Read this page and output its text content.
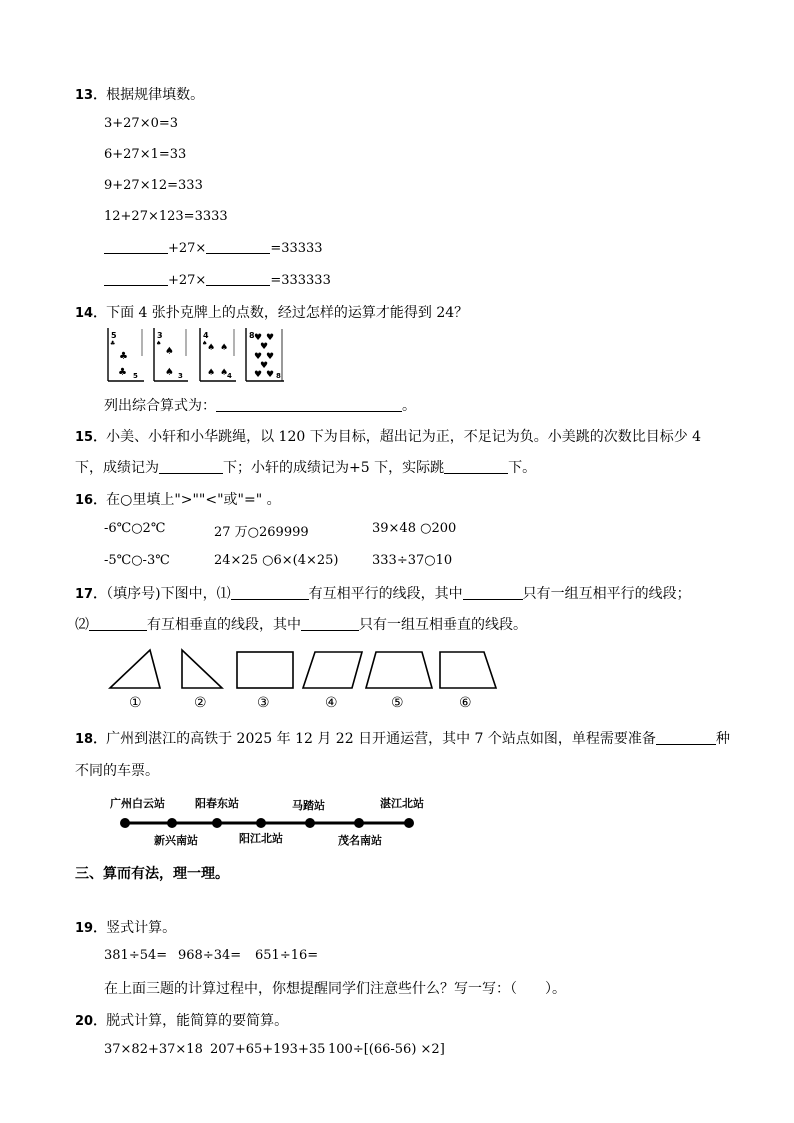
13．根据规律填数。
3+27×0=3
6+27×1=33
9+27×12=333
12+27×123=3333
+27×	=33333
+27×	=333333
14．下面 4 张扑克牌上的点数，经过怎样的运算才能得到 24？
5
♣
♣
♣ 5
3
♠
♠
♠ 3
4
♠ ♠ ♠
♠ ♠
4
8 ♥ ♥
♥
♥ ♥
♥
♥ ♥ 8
列出综合算式为：	。
15．小美、小轩和小华跳绳，以 120 下为目标，超出记为正，不足记为负。小美跳的次数比目标少 4
下，成绩记为	下；小轩的成绩记为+5 下，实际跳	下。
16．在○里填上">""<"或"=" 。
-6℃○2℃	27 万○269999	39×48 ○200
-5℃○-3℃	24×25 ○6×(4×25)	333÷37○10
17．（填序号)下图中，⑴	有互相平行的线段，其中	只有一组互相平行的线段；
⑵	有互相垂直的线段，其中	只有一组互相垂直的线段。
①	②	③	④	⑤	⑥
18．广州到湛江的高铁于 2025 年 12 月 22 日开通运营，其中 7 个站点如图，单程需要准备	种
不同的车票。
广州白云站
新兴南站
阳春东站
阳江北站
马踏站
茂名南站
湛江北站
三、算而有法，理一理。
19．竖式计算。
381÷54= 968÷34= 651÷16=
在上面三题的计算过程中，你想提醒同学们注意些什么？写一写：（　　）。
20．脱式计算，能简算的要简算。
37×82+37×18 207+65+193+35 100÷[(66-56) ×2]
